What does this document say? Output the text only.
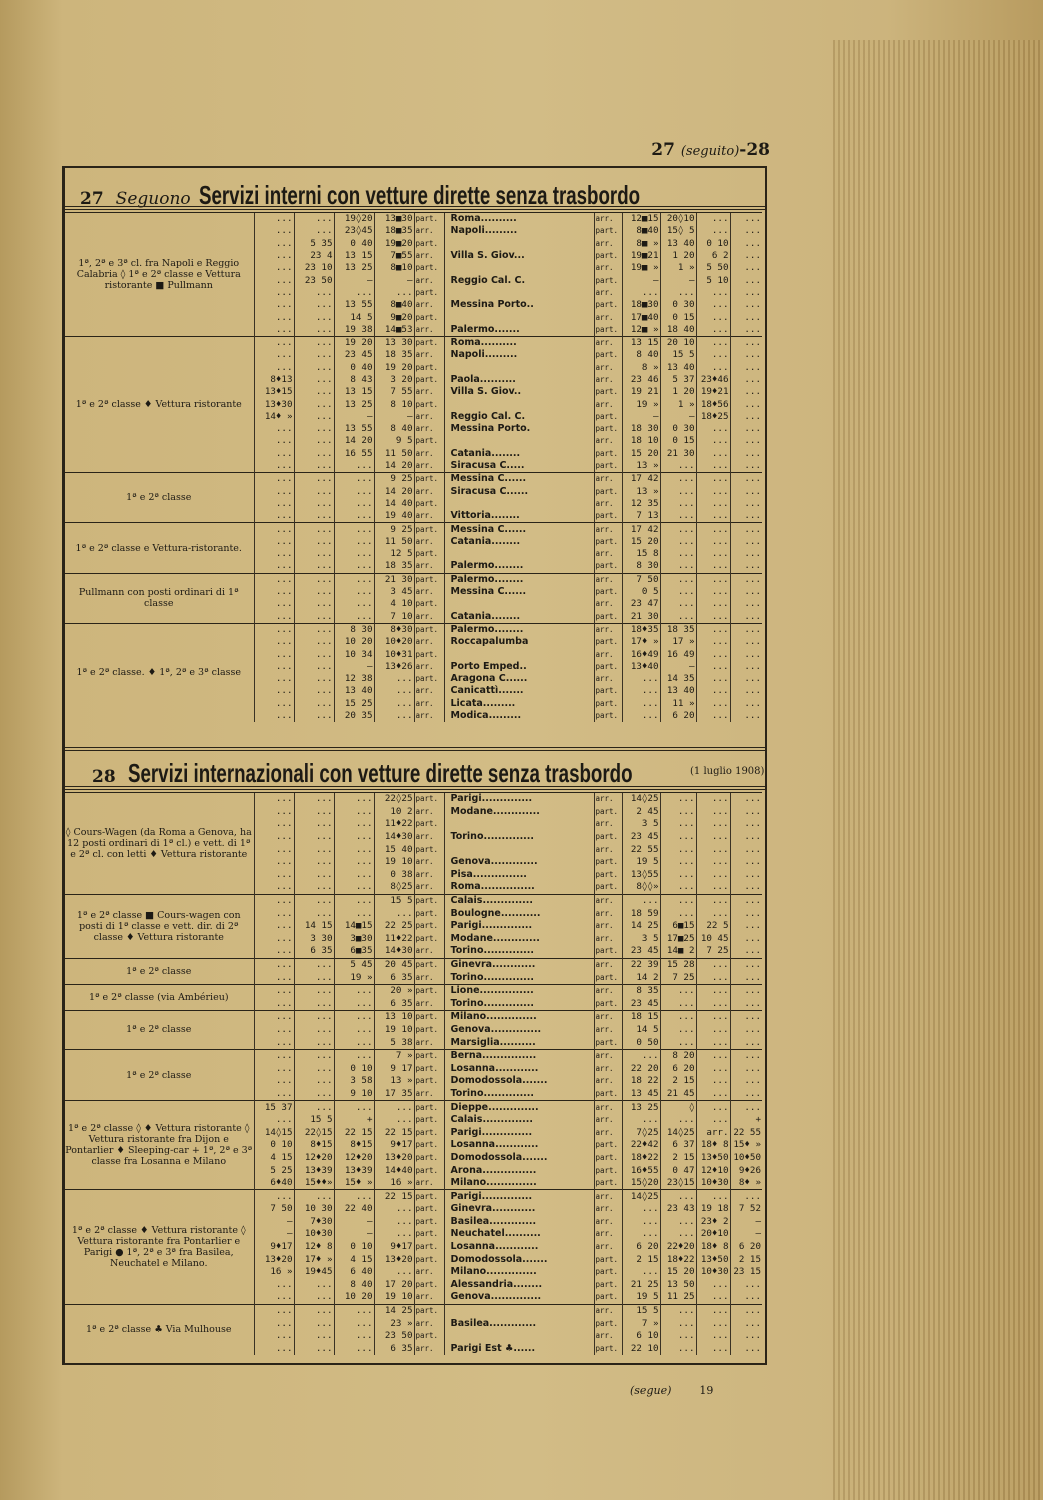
27 (seguito)-28
27 Seguono Servizi interni con vetture dirette senza trasbordo
1ª, 2ª e 3ª cl. fra Napoli e Reggio Calabria ◊ 1ª e 2ª classe e Vettura ristorante ■ Pullmann	...	...	19◊20	13■30	part.	Roma..........	arr.	12■15	20◊10	...	...
	...	...	23◊45	18■35	arr.	Napoli.........	part.	8■40	15◊ 5	...	...
	...	5 35	0 40	19■20	part.		arr.	8■ »	13 40	0 10	...
	...	23 4	13 15	7■55	arr.	Villa S. Giov...	part.	19■21	1 20	6 2	...
	...	23 10	13 25	8■10	part.		arr.	19■ »	1 »	5 50	...
	...	23 50	—	—	arr.	Reggio Cal. C.	part.	—	—	5 10	...
	...	...	...	...	part.		arr.	...	...	...	...
	...	...	13 55	8■40	arr.	Messina Porto..	part.	18■30	0 30	...	...
	...	...	14 5	9■20	part.		arr.	17■40	0 15	...	...
	...	...	19 38	14■53	arr.	Palermo.......	part.	12■ »	18 40	...	...
1ª e 2ª classe ♦ Vettura ristorante	...	...	19 20	13 30	part.	Roma..........	arr.	13 15	20 10	...	...
	...	...	23 45	18 35	arr.	Napoli.........	part.	8 40	15 5	...	...
	...	...	0 40	19 20	part.		arr.	8 »	13 40	...	...
	8♦13	...	8 43	3 20	part.	Paola..........	arr.	23 46	5 37	23♦46	...
	13♦15	...	13 15	7 55	arr.	Villa S. Giov..	part.	19 21	1 20	19♦21	...
	13♦30	...	13 25	8 10	part.		arr.	19 »	1 »	18♦56	...
	14♦ »	...	—	—	arr.	Reggio Cal. C.	part.	—	—	18♦25	...
	...	...	13 55	8 40	arr.	Messina Porto.	part.	18 30	0 30	...	...
	...	...	14 20	9 5	part.		arr.	18 10	0 15	...	...
	...	...	16 55	11 50	arr.	Catania........	part.	15 20	21 30	...	...
	...	...	...	14 20	arr.	Siracusa C.....	part.	13 »	...	...	...
1ª e 2ª classe	...	...	...	9 25	part.	Messina C......	arr.	17 42	...	...	...
	...	...	...	14 20	arr.	Siracusa C......	part.	13 »	...	...	...
	...	...	...	14 40	part.		arr.	12 35	...	...	...
	...	...	...	19 40	arr.	Vittoria........	part.	7 13	...	...	...
1ª e 2ª classe e Vettura-ristorante.	...	...	...	9 25	part.	Messina C......	arr.	17 42	...	...	...
	...	...	...	11 50	arr.	Catania........	part.	15 20	...	...	...
	...	...	...	12 5	part.		arr.	15 8	...	...	...
	...	...	...	18 35	arr.	Palermo........	part.	8 30	...	...	...
Pullmann con posti ordinari di 1ª classe	...	...	...	21 30	part.	Palermo........	arr.	7 50	...	...	...
	...	...	...	3 45	arr.	Messina C......	part.	0 5	...	...	...
	...	...	...	4 10	part.		arr.	23 47	...	...	...
	...	...	...	7 10	arr.	Catania........	part.	21 30	...	...	...
1ª e 2ª classe. ♦ 1ª, 2ª e 3ª classe	...	...	8 30	8♦30	part.	Palermo........	arr.	18♦35	18 35	...	...
	...	...	10 20	10♦20	arr.	Roccapalumba	part.	17♦ »	17 »	...	...
	...	...	10 34	10♦31	part.		arr.	16♦49	16 49	...	...
	...	...	—	13♦26	arr.	Porto Emped..	part.	13♦40	—	...	...
	...	...	12 38	...	part.	Aragona C......	arr.	...	14 35	...	...
	...	...	13 40	...	arr.	Canicattì.......	part.	...	13 40	...	...
	...	...	15 25	...	arr.	Licata.........	part.	...	11 »	...	...
	...	...	20 35	...	arr.	Modica.........	part.	...	6 20	...	...
28 Servizi internazionali con vetture dirette senza trasbordo	(1 luglio 1908)
◊ Cours-Wagen (da Roma a Genova, ha 12 posti ordinari di 1ª cl.) e vett. di 1ª e 2ª cl. con letti ♦ Vettura ristorante	...	...	...	22◊25	part.	Parigi..............	arr.	14◊25	...	...	...
	...	...	...	10 2	arr.	Modane.............	part.	2 45	...	...	...
	...	...	...	11♦22	part.		arr.	3 5	...	...	...
	...	...	...	14♦30	arr.	Torino..............	part.	23 45	...	...	...
	...	...	...	15 40	part.		arr.	22 55	...	...	...
	...	...	...	19 10	arr.	Genova.............	part.	19 5	...	...	...
	...	...	...	0 38	arr.	Pisa...............	part.	13◊55	...	...	...
	...	...	...	8◊25	arr.	Roma...............	part.	8◊◊»	...	...	...
1ª e 2ª classe ■ Cours-wagen con posti di 1ª classe e vett. dir. di 2ª classe ♦ Vettura ristorante	...	...	...	15 5	part.	Calais..............	arr.	...	...	...	...
	...	...	...	...	part.	Boulogne...........	arr.	18 59	...	...	...
	...	14 15	14■15	22 25	part.	Parigi..............	arr.	14 25	6■15	22 5	...
	...	3 30	3■30	11♦22	part.	Modane.............	arr.	3 5	17■25	10 45	...
	...	6 35	6■35	14♦30	arr.	Torino..............	part.	23 45	14■ 2	7 25	...
1ª e 2ª classe	...	...	5 45	20 45	part.	Ginevra............	arr.	22 39	15 28	...	...
	...	...	19 »	6 35	arr.	Torino..............	part.	14 2	7 25	...	...
1ª e 2ª classe (via Ambérieu)	...	...	...	20 »	part.	Lione...............	arr.	8 35	...	...	...
	...	...	...	6 35	arr.	Torino..............	part.	23 45	...	...	...
1ª e 2ª classe	...	...	...	13 10	part.	Milano..............	arr.	18 15	...	...	...
	...	...	...	19 10	part.	Genova..............	arr.	14 5	...	...	...
	...	...	...	5 38	arr.	Marsiglia..........	part.	0 50	...	...	...
1ª e 2ª classe	...	...	...	7 »	part.	Berna...............	arr.	...	8 20	...	...
	...	...	0 10	9 17	part.	Losanna............	arr.	22 20	6 20	...	...
	...	...	3 58	13 »	part.	Domodossola.......	arr.	18 22	2 15	...	...
	...	...	9 10	17 35	arr.	Torino..............	part.	13 45	21 45	...	...
1ª e 2ª classe ◊ ♦ Vettura ristorante ◊ Vettura ristorante fra Dijon e Pontarlier ♦ Sleeping-car + 1ª, 2ª e 3ª classe fra Losanna e Milano	15 37	...	...	...	part.	Dieppe..............	arr.	13 25	◊	...	...
	...	15 5	+	...	part.	Calais..............	arr.	...	...	...	+
	14◊15	22◊15	22 15	22 15	part.	Parigi..............	arr.	7◊25	14◊25	arr.	22 55
	0 10	8♦15	8♦15	9♦17	part.	Losanna............	part.	22♦42	6 37	18♦ 8	15♦ »
	4 15	12♦20	12♦20	13♦20	part.	Domodossola.......	part.	18♦22	2 15	13♦50	10♦50
	5 25	13♦39	13♦39	14♦40	part.	Arona...............	part.	16♦55	0 47	12♦10	9♦26
	6♦40	15♦♦»	15♦ »	16 »	arr.	Milano..............	part.	15◊20	23◊15	10♦30	8♦ »
1ª e 2ª classe ♦ Vettura ristorante ◊ Vettura ristorante fra Pontarlier e Parigi ● 1ª, 2ª e 3ª fra Basilea, Neuchatel e Milano.	...	...	...	22 15	part.	Parigi..............	arr.	14◊25	...	...	...
	7 50	10 30	22 40	...	part.	Ginevra............	arr.	...	23 43	19 18	7 52
	—	7♦30	—	...	part.	Basilea.............	arr.	...	...	23♦ 2	—
	—	10♦30	—	...	part.	Neuchatel..........	arr.	...	...	20♦10	—
	9♦17	12♦ 8	0 10	9♦17	part.	Losanna............	arr.	6 20	22♦20	18♦ 8	6 20
	13♦20	17♦ »	4 15	13♦20	part.	Domodossola.......	part.	2 15	18♦22	13♦50	2 15
	16 »	19♦45	6 40	...	arr.	Milano..............	part.	...	15 20	10♦30	23 15
	...	...	8 40	17 20	part.	Alessandria........	part.	21 25	13 50	...	...
	...	...	10 20	19 10	arr.	Genova..............	part.	19 5	11 25	...	...
1ª e 2ª classe ♣ Via Mulhouse	...	...	...	14 25	part.		arr.	15 5	...	...	...
	...	...	...	23 »	arr.	Basilea.............	part.	7 »	...	...	...
	...	...	...	23 50	part.		arr.	6 10	...	...	...
	...	...	...	6 35	arr.	Parigi Est ♣......	part.	22 10	...	...	...
(segue)	19
